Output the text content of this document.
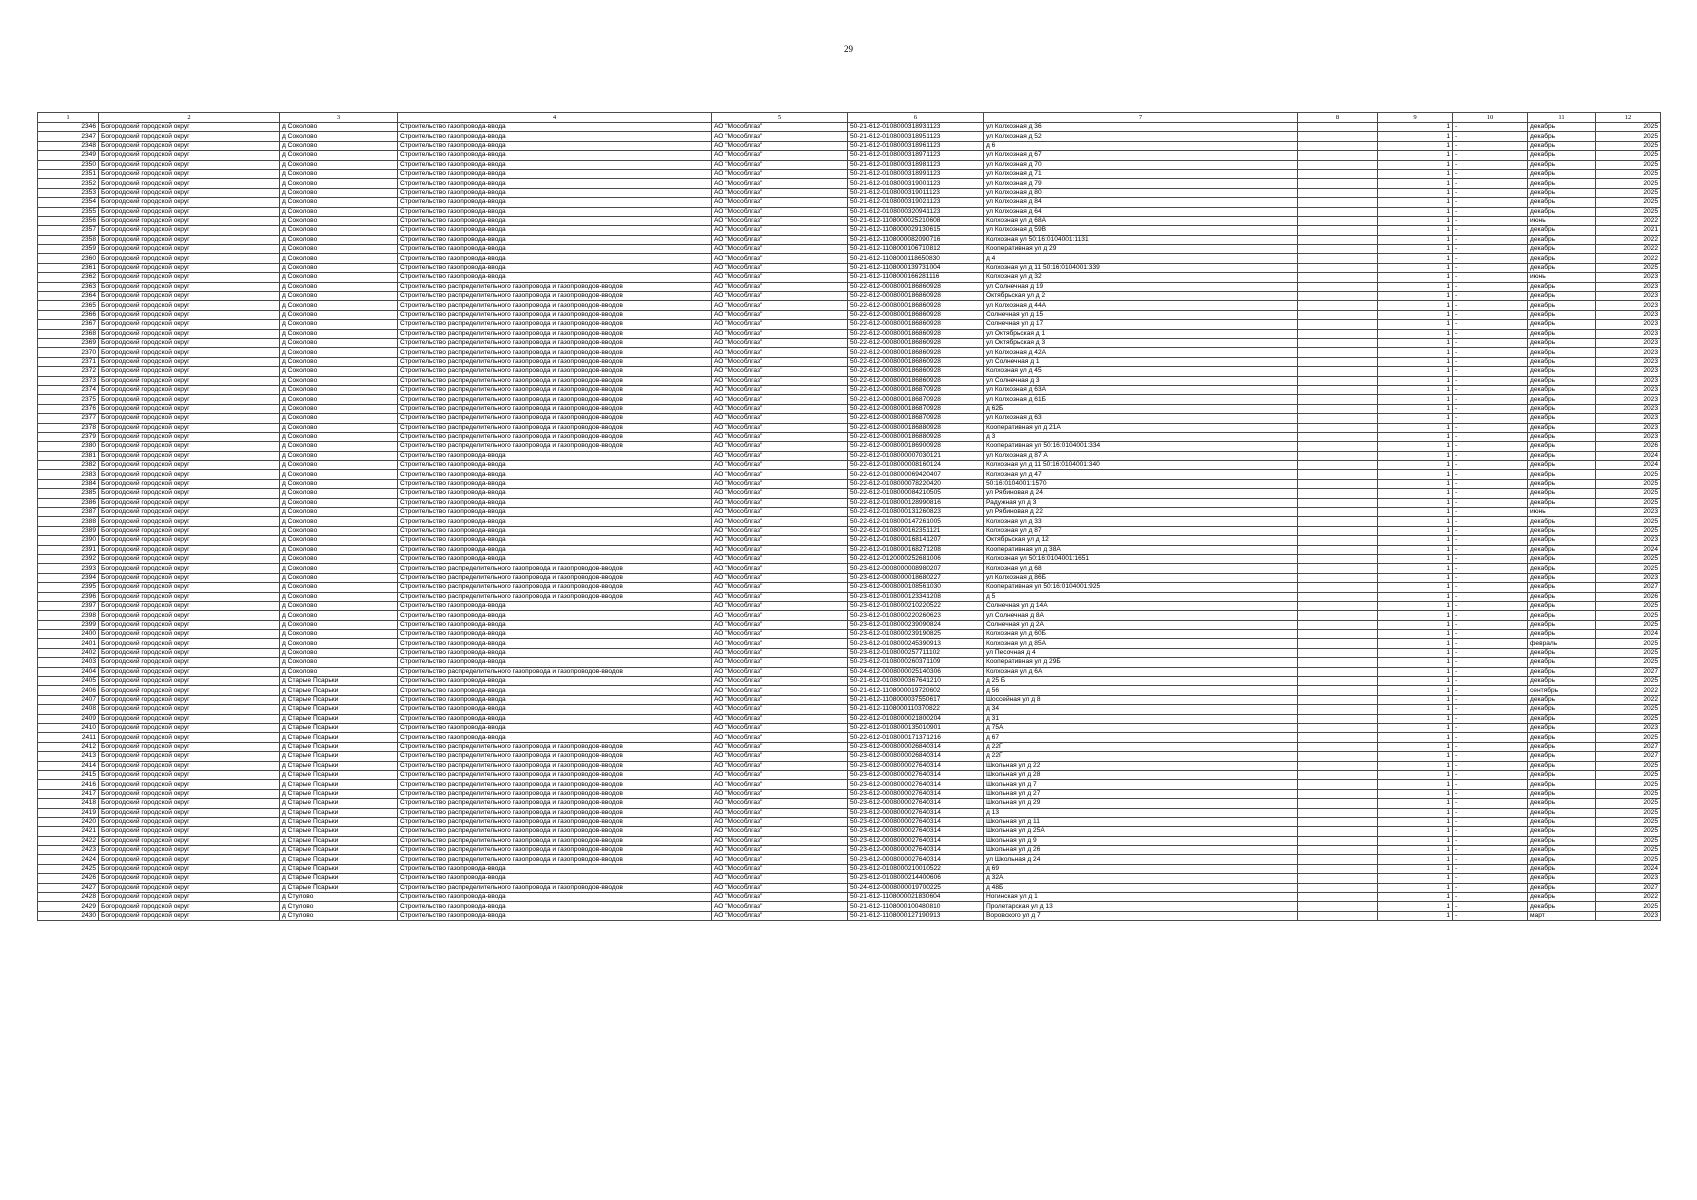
29
1	2	3	4	5	6	7	8	9	10	11	12
2346	Богородский городской округ	д Соколово	Строительство газопровода-ввода	АО "Мособлгаз"	50-21-612-0108000318931123	ул Колхозная д 36		1	-	декабрь	2025
2347	Богородский городской округ	д Соколово	Строительство газопровода-ввода	АО "Мособлгаз"	50-21-612-0108000318951123	ул Колхозная д 52		1	-	декабрь	2025
2348	Богородский городской округ	д Соколово	Строительство газопровода-ввода	АО "Мособлгаз"	50-21-612-0108000318961123	д 6		1	-	декабрь	2025
2349	Богородский городской округ	д Соколово	Строительство газопровода-ввода	АО "Мособлгаз"	50-21-612-0108000318971123	ул Колхозная д 67		1	-	декабрь	2025
2350	Богородский городской округ	д Соколово	Строительство газопровода-ввода	АО "Мособлгаз"	50-21-612-0108000318981123	ул Колхозная д 70		1	-	декабрь	2025
2351	Богородский городской округ	д Соколово	Строительство газопровода-ввода	АО "Мособлгаз"	50-21-612-0108000318991123	ул Колхозная д 71		1	-	декабрь	2025
2352	Богородский городской округ	д Соколово	Строительство газопровода-ввода	АО "Мособлгаз"	50-21-612-0108000319001123	ул Колхозная д 79		1	-	декабрь	2025
2353	Богородский городской округ	д Соколово	Строительство газопровода-ввода	АО "Мособлгаз"	50-21-612-0108000319011123	ул Колхозная д 80		1	-	декабрь	2025
2354	Богородский городской округ	д Соколово	Строительство газопровода-ввода	АО "Мособлгаз"	50-21-612-0108000319021123	ул Колхозная д 84		1	-	декабрь	2025
2355	Богородский городской округ	д Соколово	Строительство газопровода-ввода	АО "Мособлгаз"	50-21-612-0108000320941123	ул Колхозная д 64		1	-	декабрь	2025
2356	Богородский городской округ	д Соколово	Строительство газопровода-ввода	АО "Мособлгаз"	50-21-612-1108000025210608	Колхозная ул д 68А		1	-	июнь	2022
2357	Богородский городской округ	д Соколово	Строительство газопровода-ввода	АО "Мособлгаз"	50-21-612-1108000029130615	ул Колхозная д 59В		1	-	декабрь	2021
2358	Богородский городской округ	д Соколово	Строительство газопровода-ввода	АО "Мособлгаз"	50-21-612-1108000082090716	Колхозная ул 50:16:0104001:1131		1	-	декабрь	2022
2359	Богородский городской округ	д Соколово	Строительство газопровода-ввода	АО "Мособлгаз"	50-21-612-1108000106710812	Кооперативная ул д 29		1	-	декабрь	2022
2360	Богородский городской округ	д Соколово	Строительство газопровода-ввода	АО "Мособлгаз"	50-21-612-1108000118650830	д 4		1	-	декабрь	2022
2361	Богородский городской округ	д Соколово	Строительство газопровода-ввода	АО "Мособлгаз"	50-21-612-1108000139731004	Колхозная ул д 11 50:16:0104001:339		1	-	декабрь	2025
2362	Богородский городской округ	д Соколово	Строительство газопровода-ввода	АО "Мособлгаз"	50-21-612-1108000166281116	Колхозная ул д 32		1	-	июнь	2023
2363	Богородский городской округ	д Соколово	Строительство распределительного газопровода и газопроводов-вводов	АО "Мособлгаз"	50-22-612-0008000186860928	ул Солнечная д 19		1	-	декабрь	2023
2364	Богородский городской округ	д Соколово	Строительство распределительного газопровода и газопроводов-вводов	АО "Мособлгаз"	50-22-612-0008000186860928	Октябрьская ул д 2		1	-	декабрь	2023
2365	Богородский городской округ	д Соколово	Строительство распределительного газопровода и газопроводов-вводов	АО "Мособлгаз"	50-22-612-0008000186860928	ул Колхозная д 44А		1	-	декабрь	2023
2366	Богородский городской округ	д Соколово	Строительство распределительного газопровода и газопроводов-вводов	АО "Мособлгаз"	50-22-612-0008000186860928	Солнечная ул д 15		1	-	декабрь	2023
2367	Богородский городской округ	д Соколово	Строительство распределительного газопровода и газопроводов-вводов	АО "Мособлгаз"	50-22-612-0008000186860928	Солнечная ул д 17		1	-	декабрь	2023
2368	Богородский городской округ	д Соколово	Строительство распределительного газопровода и газопроводов-вводов	АО "Мособлгаз"	50-22-612-0008000186860928	ул Октябрьская д 1		1	-	декабрь	2023
2369	Богородский городской округ	д Соколово	Строительство распределительного газопровода и газопроводов-вводов	АО "Мособлгаз"	50-22-612-0008000186860928	ул Октябрьская д 3		1	-	декабрь	2023
2370	Богородский городской округ	д Соколово	Строительство распределительного газопровода и газопроводов-вводов	АО "Мособлгаз"	50-22-612-0008000186860928	ул Колхозная д 42А		1	-	декабрь	2023
2371	Богородский городской округ	д Соколово	Строительство распределительного газопровода и газопроводов-вводов	АО "Мособлгаз"	50-22-612-0008000186860928	ул Солнечная д 1		1	-	декабрь	2023
2372	Богородский городской округ	д Соколово	Строительство распределительного газопровода и газопроводов-вводов	АО "Мособлгаз"	50-22-612-0008000186860928	Колхозная ул д 45		1	-	декабрь	2023
2373	Богородский городской округ	д Соколово	Строительство распределительного газопровода и газопроводов-вводов	АО "Мособлгаз"	50-22-612-0008000186860928	ул Солнечная д 3		1	-	декабрь	2023
2374	Богородский городской округ	д Соколово	Строительство распределительного газопровода и газопроводов-вводов	АО "Мособлгаз"	50-22-612-0008000186870928	ул Колхозная д 63А		1	-	декабрь	2023
2375	Богородский городской округ	д Соколово	Строительство распределительного газопровода и газопроводов-вводов	АО "Мособлгаз"	50-22-612-0008000186870928	ул Колхозная д 61Б		1	-	декабрь	2023
2376	Богородский городской округ	д Соколово	Строительство распределительного газопровода и газопроводов-вводов	АО "Мособлгаз"	50-22-612-0008000186870928	д 62Б		1	-	декабрь	2023
2377	Богородский городской округ	д Соколово	Строительство распределительного газопровода и газопроводов-вводов	АО "Мособлгаз"	50-22-612-0008000186870928	ул Колхозная д 63		1	-	декабрь	2023
2378	Богородский городской округ	д Соколово	Строительство распределительного газопровода и газопроводов-вводов	АО "Мособлгаз"	50-22-612-0008000186880928	Кооперативная ул д 21А		1	-	декабрь	2023
2379	Богородский городской округ	д Соколово	Строительство распределительного газопровода и газопроводов-вводов	АО "Мособлгаз"	50-22-612-0008000186880928	д 3		1	-	декабрь	2023
2380	Богородский городской округ	д Соколово	Строительство распределительного газопровода и газопроводов-вводов	АО "Мособлгаз"	50-22-612-0008000186900928	Кооперативная ул 50:16:0104001:334		1	-	декабрь	2026
2381	Богородский городской округ	д Соколово	Строительство газопровода-ввода	АО "Мособлгаз"	50-22-612-0108000007030121	ул Колхозная д 87 А		1	-	декабрь	2024
2382	Богородский городской округ	д Соколово	Строительство газопровода-ввода	АО "Мособлгаз"	50-22-612-0108000008160124	Колхозная ул д 11 50:16:0104001:340		1	-	декабрь	2024
2383	Богородский городской округ	д Соколово	Строительство газопровода-ввода	АО "Мособлгаз"	50-22-612-0108000069420407	Колхозная ул д 47		1	-	декабрь	2025
2384	Богородский городской округ	д Соколово	Строительство газопровода-ввода	АО "Мособлгаз"	50-22-612-0108000078220420	50:16:0104001:1570		1	-	декабрь	2025
2385	Богородский городской округ	д Соколово	Строительство газопровода-ввода	АО "Мособлгаз"	50-22-612-0108000084210505	ул Рябиновая д 24		1	-	декабрь	2025
2386	Богородский городской округ	д Соколово	Строительство газопровода-ввода	АО "Мособлгаз"	50-22-612-0108000128990816	Радужная ул д 3		1	-	декабрь	2025
2387	Богородский городской округ	д Соколово	Строительство газопровода-ввода	АО "Мособлгаз"	50-22-612-0108000131260823	ул Рябиновая д 22		1	-	июнь	2023
2388	Богородский городской округ	д Соколово	Строительство газопровода-ввода	АО "Мособлгаз"	50-22-612-0108000147261005	Колхозная ул д 33		1	-	декабрь	2025
2389	Богородский городской округ	д Соколово	Строительство газопровода-ввода	АО "Мособлгаз"	50-22-612-0108000162351121	Колхозная ул д 87		1	-	декабрь	2025
2390	Богородский городской округ	д Соколово	Строительство газопровода-ввода	АО "Мособлгаз"	50-22-612-0108000168141207	Октябрьская ул д 12		1	-	декабрь	2023
2391	Богородский городской округ	д Соколово	Строительство газопровода-ввода	АО "Мособлгаз"	50-22-612-0108000168271208	Кооперативная ул д 38А		1	-	декабрь	2024
2392	Богородский городской округ	д Соколово	Строительство газопровода-ввода	АО "Мособлгаз"	50-22-612-0120000252681006	Колхозная ул 50:16:0104001:1651		1	-	декабрь	2025
2393	Богородский городской округ	д Соколово	Строительство распределительного газопровода и газопроводов-вводов	АО "Мособлгаз"	50-23-612-0008000008980207	Колхозная ул д 68		1	-	декабрь	2025
2394	Богородский городской округ	д Соколово	Строительство распределительного газопровода и газопроводов-вводов	АО "Мособлгаз"	50-23-612-0008000018680227	ул Колхозная д 86Б		1	-	декабрь	2023
2395	Богородский городской округ	д Соколово	Строительство распределительного газопровода и газопроводов-вводов	АО "Мособлгаз"	50-23-612-0008000108561030	Кооперативная ул 50:16:0104001:925		1	-	декабрь	2027
2396	Богородский городской округ	д Соколово	Строительство распределительного газопровода и газопроводов-вводов	АО "Мособлгаз"	50-23-612-0108000123341208	д 5		1	-	декабрь	2026
2397	Богородский городской округ	д Соколово	Строительство газопровода-ввода	АО "Мособлгаз"	50-23-612-0108000210220522	Солнечная ул д 14А		1	-	декабрь	2025
2398	Богородский городской округ	д Соколово	Строительство газопровода-ввода	АО "Мособлгаз"	50-23-612-0108000220260623	ул Солнечная д 8А		1	-	декабрь	2025
2399	Богородский городской округ	д Соколово	Строительство газопровода-ввода	АО "Мособлгаз"	50-23-612-0108000239090824	Солнечная ул д 2А		1	-	декабрь	2025
2400	Богородский городской округ	д Соколово	Строительство газопровода-ввода	АО "Мособлгаз"	50-23-612-0108000239190825	Колхозная ул д 60Б		1	-	декабрь	2024
2401	Богородский городской округ	д Соколово	Строительство газопровода-ввода	АО "Мособлгаз"	50-23-612-0108000245390913	Колхозная ул д 85А		1	-	февраль	2025
2402	Богородский городской округ	д Соколово	Строительство газопровода-ввода	АО "Мособлгаз"	50-23-612-0108000257711102	ул Песочная д 4		1	-	декабрь	2025
2403	Богородский городской округ	д Соколово	Строительство газопровода-ввода	АО "Мособлгаз"	50-23-612-0108000260371109	Кооперативная ул д 29Б		1	-	декабрь	2025
2404	Богородский городской округ	д Соколово	Строительство распределительного газопровода и газопроводов-вводов	АО "Мособлгаз"	50-24-612-0008000025140306	Колхозная ул д 6А		1	-	декабрь	2027
2405	Богородский городской округ	д Старые Псарьки	Строительство газопровода-ввода	АО "Мособлгаз"	50-21-612-0108000367641210	д 25 Б		1	-	декабрь	2025
2406	Богородский городской округ	д Старые Псарьки	Строительство газопровода-ввода	АО "Мособлгаз"	50-21-612-1108000019720602	д 56		1	-	сентябрь	2022
2407	Богородский городской округ	д Старые Псарьки	Строительство газопровода-ввода	АО "Мособлгаз"	50-21-612-1108000037550617	Шоссейная ул д 8		1	-	декабрь	2022
2408	Богородский городской округ	д Старые Псарьки	Строительство газопровода-ввода	АО "Мособлгаз"	50-21-612-1108000110370822	д 34		1	-	декабрь	2025
2409	Богородский городской округ	д Старые Псарьки	Строительство газопровода-ввода	АО "Мособлгаз"	50-22-612-0108000021800204	д 31		1	-	декабрь	2025
2410	Богородский городской округ	д Старые Псарьки	Строительство газопровода-ввода	АО "Мособлгаз"	50-22-612-0108000135010901	д 75А		1	-	декабрь	2023
2411	Богородский городской округ	д Старые Псарьки	Строительство газопровода-ввода	АО "Мособлгаз"	50-22-612-0108000171371216	д 67		1	-	декабрь	2025
2412	Богородский городской округ	д Старые Псарьки	Строительство распределительного газопровода и газопроводов-вводов	АО "Мособлгаз"	50-23-612-0008000026840314	д 22Г		1	-	декабрь	2027
2413	Богородский городской округ	д Старые Псарьки	Строительство распределительного газопровода и газопроводов-вводов	АО "Мособлгаз"	50-23-612-0008000026840314	д 22Г		1	-	декабрь	2027
2414	Богородский городской округ	д Старые Псарьки	Строительство распределительного газопровода и газопроводов-вводов	АО "Мособлгаз"	50-23-612-0008000027640314	Школьная ул д 22		1	-	декабрь	2025
2415	Богородский городской округ	д Старые Псарьки	Строительство распределительного газопровода и газопроводов-вводов	АО "Мособлгаз"	50-23-612-0008000027640314	Школьная ул д 28		1	-	декабрь	2025
2416	Богородский городской округ	д Старые Псарьки	Строительство распределительного газопровода и газопроводов-вводов	АО "Мособлгаз"	50-23-612-0008000027640314	Школьная ул д 7		1	-	декабрь	2025
2417	Богородский городской округ	д Старые Псарьки	Строительство распределительного газопровода и газопроводов-вводов	АО "Мособлгаз"	50-23-612-0008000027640314	Школьная ул д 27		1	-	декабрь	2025
2418	Богородский городской округ	д Старые Псарьки	Строительство распределительного газопровода и газопроводов-вводов	АО "Мособлгаз"	50-23-612-0008000027640314	Школьная ул д 29		1	-	декабрь	2025
2419	Богородский городской округ	д Старые Псарьки	Строительство распределительного газопровода и газопроводов-вводов	АО "Мособлгаз"	50-23-612-0008000027640314	д 13		1	-	декабрь	2025
2420	Богородский городской округ	д Старые Псарьки	Строительство распределительного газопровода и газопроводов-вводов	АО "Мособлгаз"	50-23-612-0008000027640314	Школьная ул д 11		1	-	декабрь	2025
2421	Богородский городской округ	д Старые Псарьки	Строительство распределительного газопровода и газопроводов-вводов	АО "Мособлгаз"	50-23-612-0008000027640314	Школьная ул д 25А		1	-	декабрь	2025
2422	Богородский городской округ	д Старые Псарьки	Строительство распределительного газопровода и газопроводов-вводов	АО "Мособлгаз"	50-23-612-0008000027640314	Школьная ул д 9		1	-	декабрь	2025
2423	Богородский городской округ	д Старые Псарьки	Строительство распределительного газопровода и газопроводов-вводов	АО "Мособлгаз"	50-23-612-0008000027640314	Школьная ул д 26		1	-	декабрь	2025
2424	Богородский городской округ	д Старые Псарьки	Строительство распределительного газопровода и газопроводов-вводов	АО "Мособлгаз"	50-23-612-0008000027640314	ул Школьная д 24		1	-	декабрь	2025
2425	Богородский городской округ	д Старые Псарьки	Строительство газопровода-ввода	АО "Мособлгаз"	50-23-612-0108000210010522	д 69		1	-	декабрь	2024
2426	Богородский городской округ	д Старые Псарьки	Строительство газопровода-ввода	АО "Мособлгаз"	50-23-612-0108000214400606	д 32А		1	-	декабрь	2023
2427	Богородский городской округ	д Старые Псарьки	Строительство распределительного газопровода и газопроводов-вводов	АО "Мособлгаз"	50-24-612-0008000019700225	д 48Б		1	-	декабрь	2027
2428	Богородский городской округ	д Стулово	Строительство газопровода-ввода	АО "Мособлгаз"	50-21-612-1108000021830604	Ногинская ул д 1		1	-	декабрь	2022
2429	Богородский городской округ	д Стулово	Строительство газопровода-ввода	АО "Мособлгаз"	50-21-612-1108000100480810	Пролетарская ул д 13		1	-	декабрь	2025
2430	Богородский городской округ	д Стулово	Строительство газопровода-ввода	АО "Мособлгаз"	50-21-612-1108000127190913	Воровского ул д 7		1	-	март	2023
